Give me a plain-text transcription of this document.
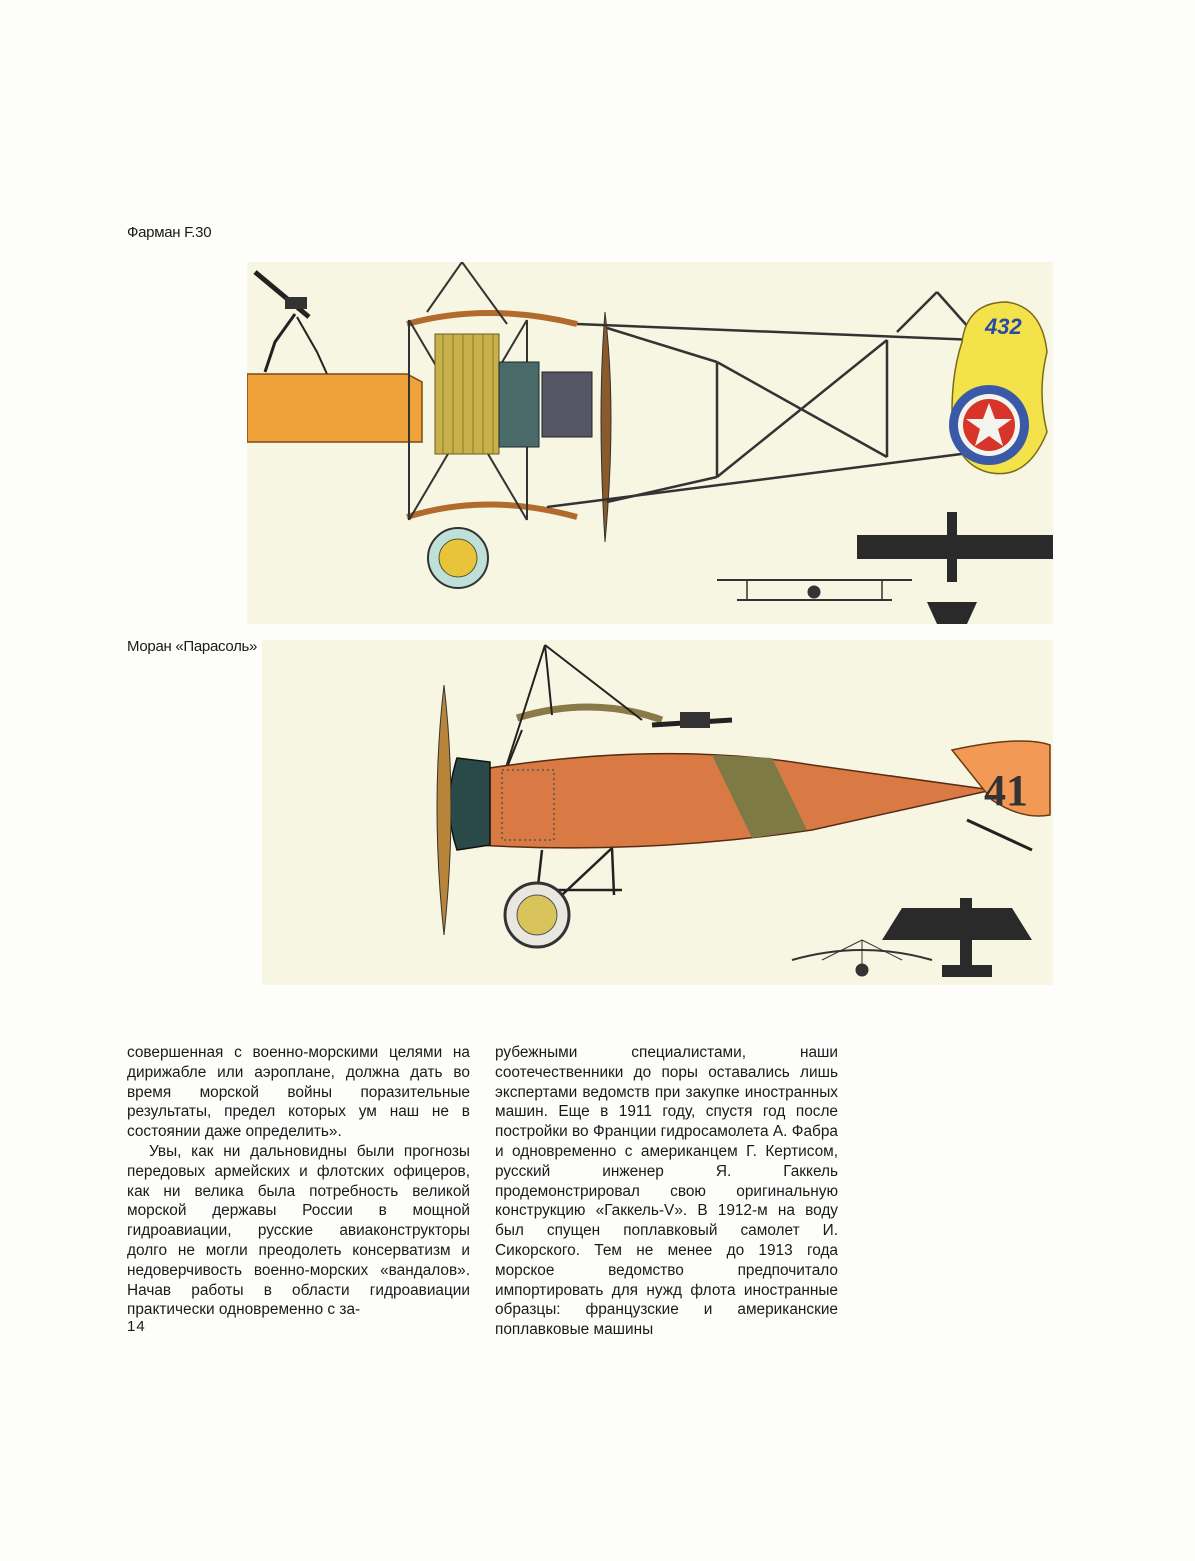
Фарман F.30
432
Моран «Парасоль»
41

совершенная с военно-морскими целями на дирижабле или аэроплане, должна дать во время морской войны поразительные результаты, предел которых ум наш не в состоянии даже определить».

Увы, как ни дальновидны были прогнозы передовых армейских и флотских офицеров, как ни велика была потребность великой морской державы России в мощной гидроавиации, русские авиаконструкторы долго не могли преодолеть консерватизм и недоверчивость военно-морских «вандалов». Начав работы в области гидроавиации практически одновременно с за-

рубежными специалистами, наши соотечественники до поры оставались лишь экспертами ведомств при закупке иностранных машин. Еще в 1911 году, спустя год после постройки во Франции гидросамолета А. Фабра и одновременно с американцем Г. Кертисом, русский инженер Я. Гаккель продемонстрировал свою оригинальную конструкцию «Гаккель-V». В 1912-м на воду был спущен поплавковый самолет И. Сикорского. Тем не менее до 1913 года морское ведомство предпочитало импортировать для нужд флота иностранные образцы: французские и американские поплавковые машины

14
